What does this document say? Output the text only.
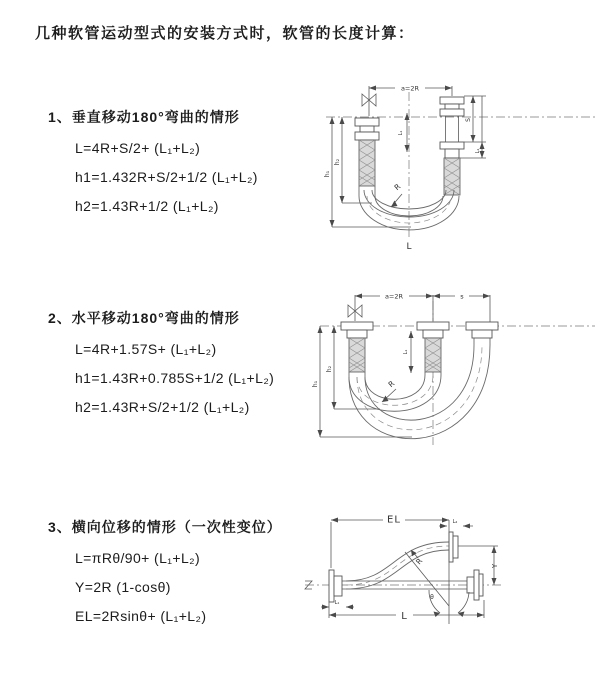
几种软管运动型式的安装方式时，软管的长度计算：
1、垂直移动180°弯曲的情形
L=4R+S/2+ (L₁+L₂)
h1=1.432R+S/2+1/2 (L₁+L₂)
h2=1.43R+1/2 (L₁+L₂)
a=2R
S
L₁
L₁
h₁
h₂
R
L
2、水平移动180°弯曲的情形
L=4R+1.57S+ (L₁+L₂)
h1=1.43R+0.785S+1/2 (L₁+L₂)
h2=1.43R+S/2+1/2 (L₁+L₂)
a=2R	s
h₁
h₂
L₁
R
3、横向位移的情形（一次性变位）
L=πRθ/90+ (L₁+L₂)
Y=2R (1-cosθ)
EL=2Rsinθ+ (L₁+L₂)
EL	L₂
Y
R
θ
L
L₁
